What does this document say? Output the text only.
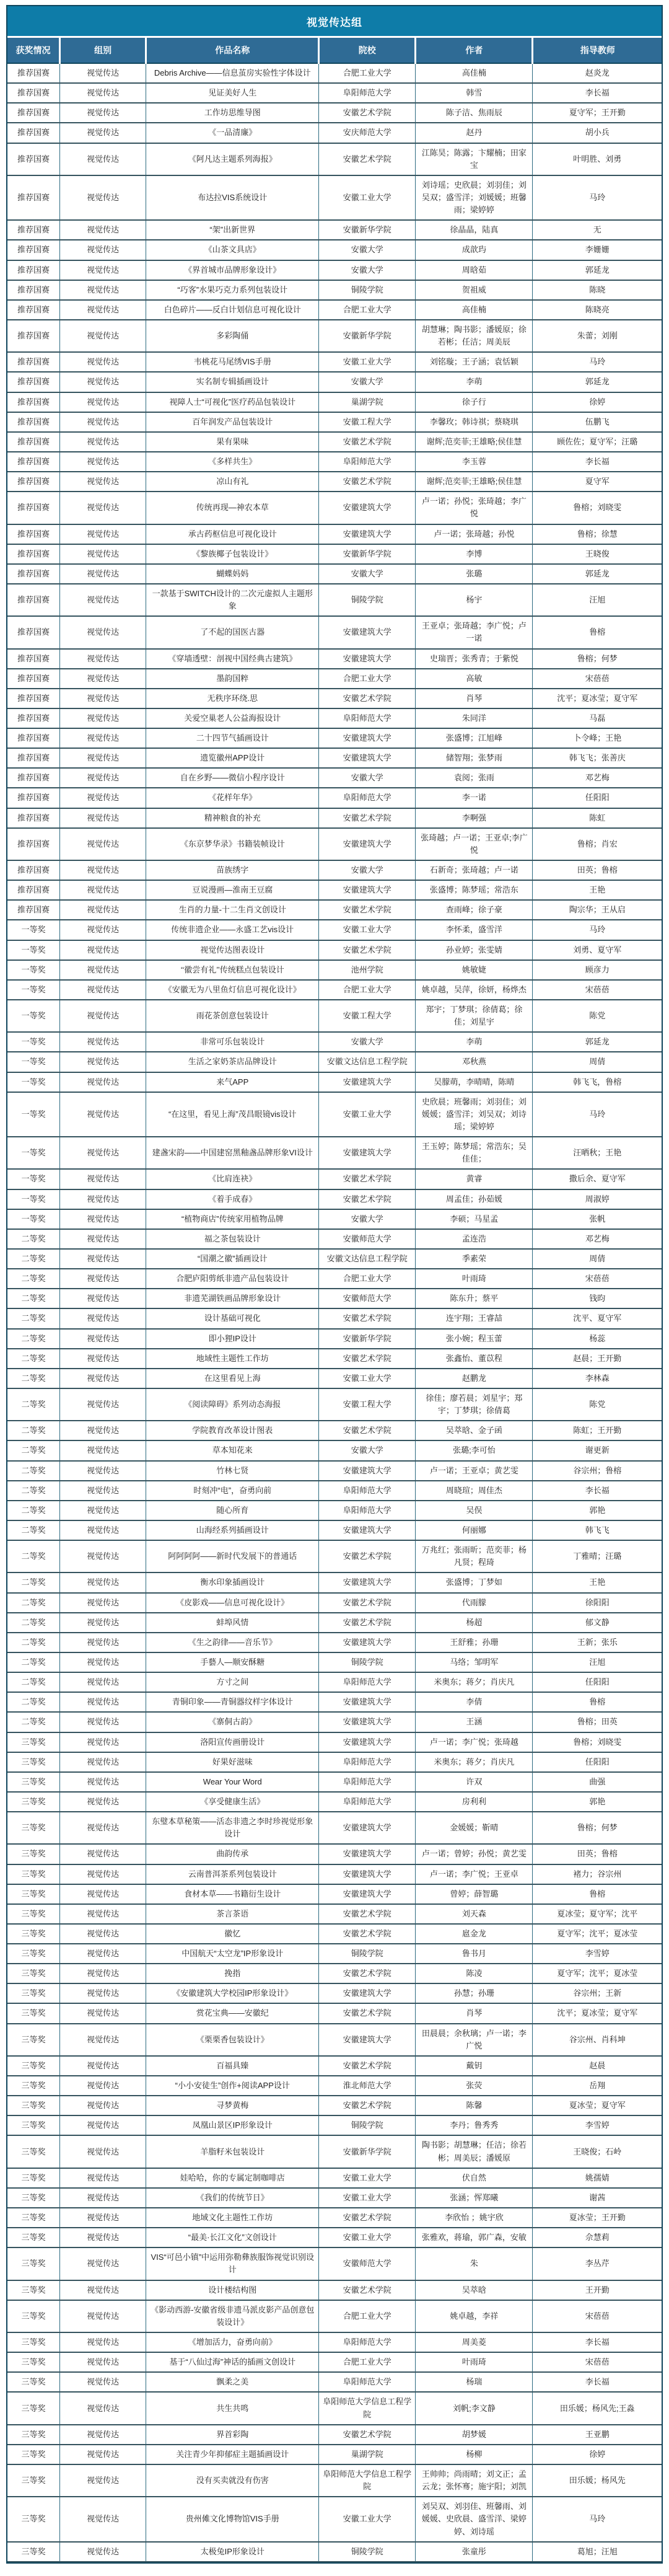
视觉传达组
获奖情况	组别	作品名称	院校	作者	指导教师
推荐国赛	视觉传达	Debris Archive——信息茧房实验性字体设计	合肥工业大学	高佳楠	赵炎龙
推荐国赛	视觉传达	见证美好人生	阜阳师范大学	韩雪	李长福
推荐国赛	视觉传达	工作坊思维导图	安徽艺术学院	陈子洁、焦雨辰	夏守军；王开勤
推荐国赛	视觉传达	《一品清廉》	安庆师范大学	赵丹	胡小兵
推荐国赛	视觉传达	《阿凡达主题系列海报》	安徽艺术学院	江陈昊；陈露；卞耀楠；田家宝	叶明胜、刘勇
推荐国赛	视觉传达	布达拉VIS系统设计	安徽工业大学	刘诗瑶；史欣晨；刘羽佳；刘吴双；盛雪洋；刘媛媛；班馨雨；梁婷婷	马玲
推荐国赛	视觉传达	“架”出新世界	安徽新华学院	徐晶晶，陆真	无
推荐国赛	视觉传达	《山茶文具店》	安徽大学	成歆玙	李姗姗
推荐国赛	视觉传达	《界首城市品牌形象设计》	安徽大学	周晗茹	郭延龙
推荐国赛	视觉传达	“巧客”水果巧克力系列包装设计	铜陵学院	贺祖威	陈晓
推荐国赛	视觉传达	白色碎片——反白计划信息可视化设计	合肥工业大学	高佳楠	陈晓亮
推荐国赛	视觉传达	多彩陶俑	安徽新华学院	胡慧琳；陶书影；潘媛原；徐若彬；任洁；周美辰	朱蕾；刘刚
推荐国赛	视觉传达	韦桃花马尾绣VIS手册	安徽工业大学	刘铭璇；王子涵；袁恬颖	马玲
推荐国赛	视觉传达	实名制专辑插画设计	安徽大学	李萌	郭延龙
推荐国赛	视觉传达	视障人士“可视化”医疗药品包装设计	巢湖学院	徐子行	徐婷
推荐国赛	视觉传达	百年润发产品包装设计	安徽工程大学	李馨玫；韩诗祺；蔡晓琪	伍鹏飞
推荐国赛	视觉传达	果有果味	安徽艺术学院	谢辉;范奕菲;王雄略;侯佳慧	顾佐佐；夏守军；汪璐
推荐国赛	视觉传达	《多样共生》	阜阳师范大学	李玉蓉	李长福
推荐国赛	视觉传达	凉山有礼	安徽艺术学院	谢辉;范奕菲;王雄略;侯佳慧	夏守军
推荐国赛	视觉传达	传统再现—神农本草	安徽建筑大学	卢一诺；孙悦；张琦越；李广悦	鲁榕；刘晓雯
推荐国赛	视觉传达	承古药枢信息可视化设计	安徽建筑大学	卢一诺；张琦越；孙悦	鲁榕；徐慧
推荐国赛	视觉传达	《黎族椰子包装设计》	安徽新华学院	李博	王晓俊
推荐国赛	视觉传达	蝴蝶妈妈	安徽大学	张璐	郭延龙
推荐国赛	视觉传达	一款基于SWITCH设计的二次元虚拟人主题形象	铜陵学院	杨宇	汪旭
推荐国赛	视觉传达	了不起的国医古器	安徽建筑大学	王亚卓；张琦越；李广悦；卢一诺	鲁榕
推荐国赛	视觉传达	《穿墙透壁：剖视中国经典古建筑》	安徽建筑大学	史瑞晋；张秀青；于紫悦	鲁榕；何梦
推荐国赛	视觉传达	墨韵国粹	合肥工业大学	高敏	宋蓓蓓
推荐国赛	视觉传达	无秩序环绕.思	安徽艺术学院	肖琴	沈平；夏冰莹；夏守军
推荐国赛	视觉传达	关爱空巢老人公益海报设计	阜阳师范大学	朱同洋	马磊
推荐国赛	视觉传达	二十四节气插画设计	安徽建筑大学	张盛博；江旭峰	卜令峰；王艳
推荐国赛	视觉传达	遗览徽州APP设计	安徽建筑大学	储智翔；张梦雨	韩飞飞；张善庆
推荐国赛	视觉传达	自在乡野——微信小程序设计	安徽大学	袁阅；张雨	邓艺梅
推荐国赛	视觉传达	《花样年华》	阜阳师范大学	李一诺	任阳阳
推荐国赛	视觉传达	精神粮食的补充	安徽艺术学院	李啊强	陈虹
推荐国赛	视觉传达	《东京梦华录》书籍装帧设计	安徽建筑大学	张琦越；卢一诺；王亚卓;李广悦	鲁榕；肖宏
推荐国赛	视觉传达	苗族绣字	安徽大学	石新奇；张琦越；卢一诺	田英；鲁榕
推荐国赛	视觉传达	豆说漫画—淮南王豆腐	安徽建筑大学	张盛博；陈梦瑶；常浩东	王艳
推荐国赛	视觉传达	生肖的力量-十二生肖文创设计	安徽艺术学院	查雨峰；徐子豪	陶宗华；王从启
一等奖	视觉传达	传统非遗企业——永盛工艺vis设计	安徽工业大学	李怀柔，盛雪洋	马玲
一等奖	视觉传达	视觉传达图表设计	安徽艺术学院	孙业婷；张雯婧	刘勇、夏守军
一等奖	视觉传达	‘‘徽尝有礼’’传统糕点包装设计	池州学院	姚敏婕	顾彦力
一等奖	视觉传达	《安徽无为八里鱼灯信息可视化设计》	合肥工业大学	姚卓越，吴萍，徐妍，杨烨杰	宋蓓蓓
一等奖	视觉传达	雨花茶创意包装设计	安徽工程大学	郑宇；丁梦琪；徐倩葛；徐佳；刘星宇	陈党
一等奖	视觉传达	非常可乐包装设计	安徽大学	李萌	郭延龙
一等奖	视觉传达	生活之家奶茶店品牌设计	安徽文达信息工程学院	邓秋燕	周倩
一等奖	视觉传达	来气APP	安徽建筑大学	吴朦萌，李晴晴，陈晴	韩飞飞，鲁榕
一等奖	视觉传达	“在这里，看见上海”茂昌眼镜vis设计	安徽工业大学	史欣晨；班馨雨；刘羽佳；刘媛媛；盛雪洋；刘吴双；刘诗瑶；梁婷婷	马玲
一等奖	视觉传达	建盏宋韵——中国建窑黑釉盏品牌形象VI设计	安徽建筑大学	王玉婷；陈梦瑶；常浩东；吴佳佳；	汪晒秋；王艳
一等奖	视觉传达	《比肩连袂》	安徽艺术学院	黄睿	撒后余、夏守军
一等奖	视觉传达	《着手成春》	安徽艺术学院	周孟佳；孙茹媛	周淑婷
一等奖	视觉传达	“植物商店”传统家用植物品牌	安徽大学	李硕；马星孟	张帆
二等奖	视觉传达	福之茶包装设计	安徽师范大学	孟连浩	邓艺梅
二等奖	视觉传达	“国潮之徽”插画设计	安徽文达信息工程学院	季素荣	周倩
二等奖	视觉传达	合肥庐阳剪纸非遗产品包装设计	合肥工业大学	叶雨琦	宋蓓蓓
二等奖	视觉传达	非遗芜湖铁画品牌形象设计	安徽师范大学	陈东升；蔡平	钱昀
二等奖	视觉传达	设计基础可视化	安徽艺术学院	连宇翔；王睿喆	沈平、夏守军
二等奖	视觉传达	即小狸IP设计	安徽新华学院	张小婉；程玉蕾	杨蕊
二等奖	视觉传达	地域性主题性工作坊	安徽艺术学院	张鑫怡、董苡程	赵晨；王开勤
二等奖	视觉传达	在这里看见上海	安徽工业大学	赵鹏龙	李林森
二等奖	视觉传达	《阅读障碍》系列动态海报	安徽工程大学	徐佳；廖若晨；刘星宇；郑宇；丁梦琪；徐倩葛	陈党
二等奖	视觉传达	学院教育改革设计图表	安徽艺术学院	吴萃晗、金子函	陈虹；王开勤
二等奖	视觉传达	草本知花来	安徽大学	张璐;李可怡	谢更新
二等奖	视觉传达	竹林七贤	安徽建筑大学	卢一诺；王亚卓；黄艺雯	谷宗州；鲁榕
二等奖	视觉传达	时刻冲“电”，奋勇向前	阜阳师范大学	周晓瑄；周佳杰	李长福
二等奖	视觉传达	随心所育	阜阳师范大学	吴俣	郭艳
二等奖	视觉传达	山海经系列插画设计	安徽建筑大学	何丽娜	韩飞飞
二等奖	视觉传达	阿阿阿阿——新时代发展下的普通话	安徽艺术学院	万兆红；张雨昕；范奕菲；杨凡贤；程琦	丁雅晴；汪璐
二等奖	视觉传达	衡水印象插画设计	安徽建筑大学	张盛博；丁梦如	王艳
二等奖	视觉传达	《皮影戏——信息可视化设计》	安徽艺术学院	代雨朦	徐阳阳
二等奖	视觉传达	蚌埠风情	安徽艺术学院	杨超	郁文静
二等奖	视觉传达	《生之韵律——音乐节》	安徽建筑大学	王舒雅；孙珊	王新；张乐
二等奖	视觉传达	手藝人—顺安酥糖	铜陵学院	马络；邹明军	汪旭
二等奖	视觉传达	方寸之间	阜阳师范大学	米奥东；蒋夕；肖庆凡	任阳阳
二等奖	视觉传达	青铜印象——青铜器纹样字体设计	安徽建筑大学	李倩	鲁榕
二等奖	视觉传达	《寨侗古韵》	安徽建筑大学	王涵	鲁榕；田英
三等奖	视觉传达	洛阳宣传画册设计	安徽建筑大学	卢一诺；李广悦；张琦越	鲁榕；刘晓雯
三等奖	视觉传达	好果好滋味	阜阳师范大学	米奥东；蒋夕；肖庆凡	任阳阳
三等奖	视觉传达	Wear Your Word	阜阳师范大学	许双	曲强
三等奖	视觉传达	《享受健康生活》	阜阳师范大学	房利利	郭艳
三等奖	视觉传达	东璧本草秘策——活态非遗之李时珍视觉形象设计	安徽建筑大学	金媛媛；靳晴	鲁榕；何梦
三等奖	视觉传达	曲韵传承	安徽建筑大学	卢一诺；曾婷；孙悦；黄艺雯	田英；鲁榕
三等奖	视觉传达	云南普洱茶系列包装设计	安徽建筑大学	卢一诺；李广悦；王亚卓	褚力；谷宗州
三等奖	视觉传达	食材本草——书籍衍生设计	安徽建筑大学	曾婷；薛智璐	鲁榕
三等奖	视觉传达	茶言茶语	安徽艺术学院	刘天森	夏冰莹；夏守军；沈平
三等奖	视觉传达	徽忆	安徽艺术学院	扈金龙	夏守军；沈平；夏冰莹
三等奖	视觉传达	中国航天“太空龙”IP形象设计	铜陵学院	鲁书月	李雪婷
三等奖	视觉传达	挽指	安徽艺术学院	陈凌	夏守军；沈平；夏冰莹
三等奖	视觉传达	《安徽建筑大学校园IP形象设计》	安徽建筑大学	孙慧；孙珊	谷宗州；王新
三等奖	视觉传达	赏花宝典——安徽纪	安徽艺术学院	肖琴	沈平；夏冰莹；夏守军
三等奖	视觉传达	《栗栗香包装设计》	安徽建筑大学	田晨晨；余秋璃；卢一诺；李广悦	谷宗州、肖科坤
三等奖	视觉传达	百福具臻	安徽艺术学院	戴钥	赵晨
三等奖	视觉传达	“小小安徒生”创作+阅读APP设计	淮北师范大学	张荧	岳翔
三等奖	视觉传达	寻梦黄梅	安徽艺术学院	陈馨	夏冰莹；夏守军
三等奖	视觉传达	凤凰山景区IP形象设计	铜陵学院	李丹；鲁秀秀	李雪婷
三等奖	视觉传达	羊脂籽米包装设计	安徽新华学院	陶书影；胡慧琳；任洁；徐若彬；周美辰；潘媛原	王晓俊；石岭
三等奖	视觉传达	娃哈哈，你的专属定制咖啡店	安徽工业大学	伏自然	姚孺婧
三等奖	视觉传达	《我们的传统节日》	安徽工业大学	张涵；恽郑曦	谢茜
三等奖	视觉传达	地域文化主题性工作坊	安徽艺术学院	李欣怡 ；姚宇欣	夏冰莹；王开勤
三等奖	视觉传达	“最美·长江文化”文创设计	安徽工业大学	张雅欢，蒋瑜，郭广森，安敏	佘慧莉
三等奖	视觉传达	VIS“可邑小镇”中运用弥勒彝族服饰视觉识别设计	安徽师范大学	朱	李丛芹
三等奖	视觉传达	设计楼结构图	安徽艺术学院	吴萃晗	王开勤
三等奖	视觉传达	《影动西游-安徽省级非遗马派皮影产品创意包装设计》	合肥工业大学	姚卓越，李祥	宋蓓蓓
三等奖	视觉传达	《增加活力，奋勇向前》	阜阳师范大学	周美菱	李长福
三等奖	视觉传达	基于“八仙过海”神话的插画文创设计	合肥工业大学	叶雨琦	宋蓓蓓
三等奖	视觉传达	飘柔之美	阜阳师范大学	杨瑞	李长福
三等奖	视觉传达	共生共鸣	阜阳师范大学信息工程学院	刘帆;李文静	田乐媛；杨风先;王淼
三等奖	视觉传达	界首彩陶	安徽艺术学院	胡梦媛	王亚鹏
三等奖	视觉传达	关注青少年抑郁症主题插画设计	巢湖学院	杨柳	徐婷
三等奖	视觉传达	没有买卖就没有伤害	阜阳师范大学信息工程学院	王帅帅；尚雨晴；刘文正；孟云龙；张怀骞；施宇阳；刘凯	田乐媛；杨风先
三等奖	视觉传达	贵州傩文化博物馆VIS手册	安徽工业大学	刘吴双、刘羽佳、班馨雨、刘媛媛、史欣晨、盛雪洋、梁婷婷、刘诗瑶	马玲
三等奖	视觉传达	太极兔IP形象设计	铜陵学院	张童彤	葛旭；汪旭
